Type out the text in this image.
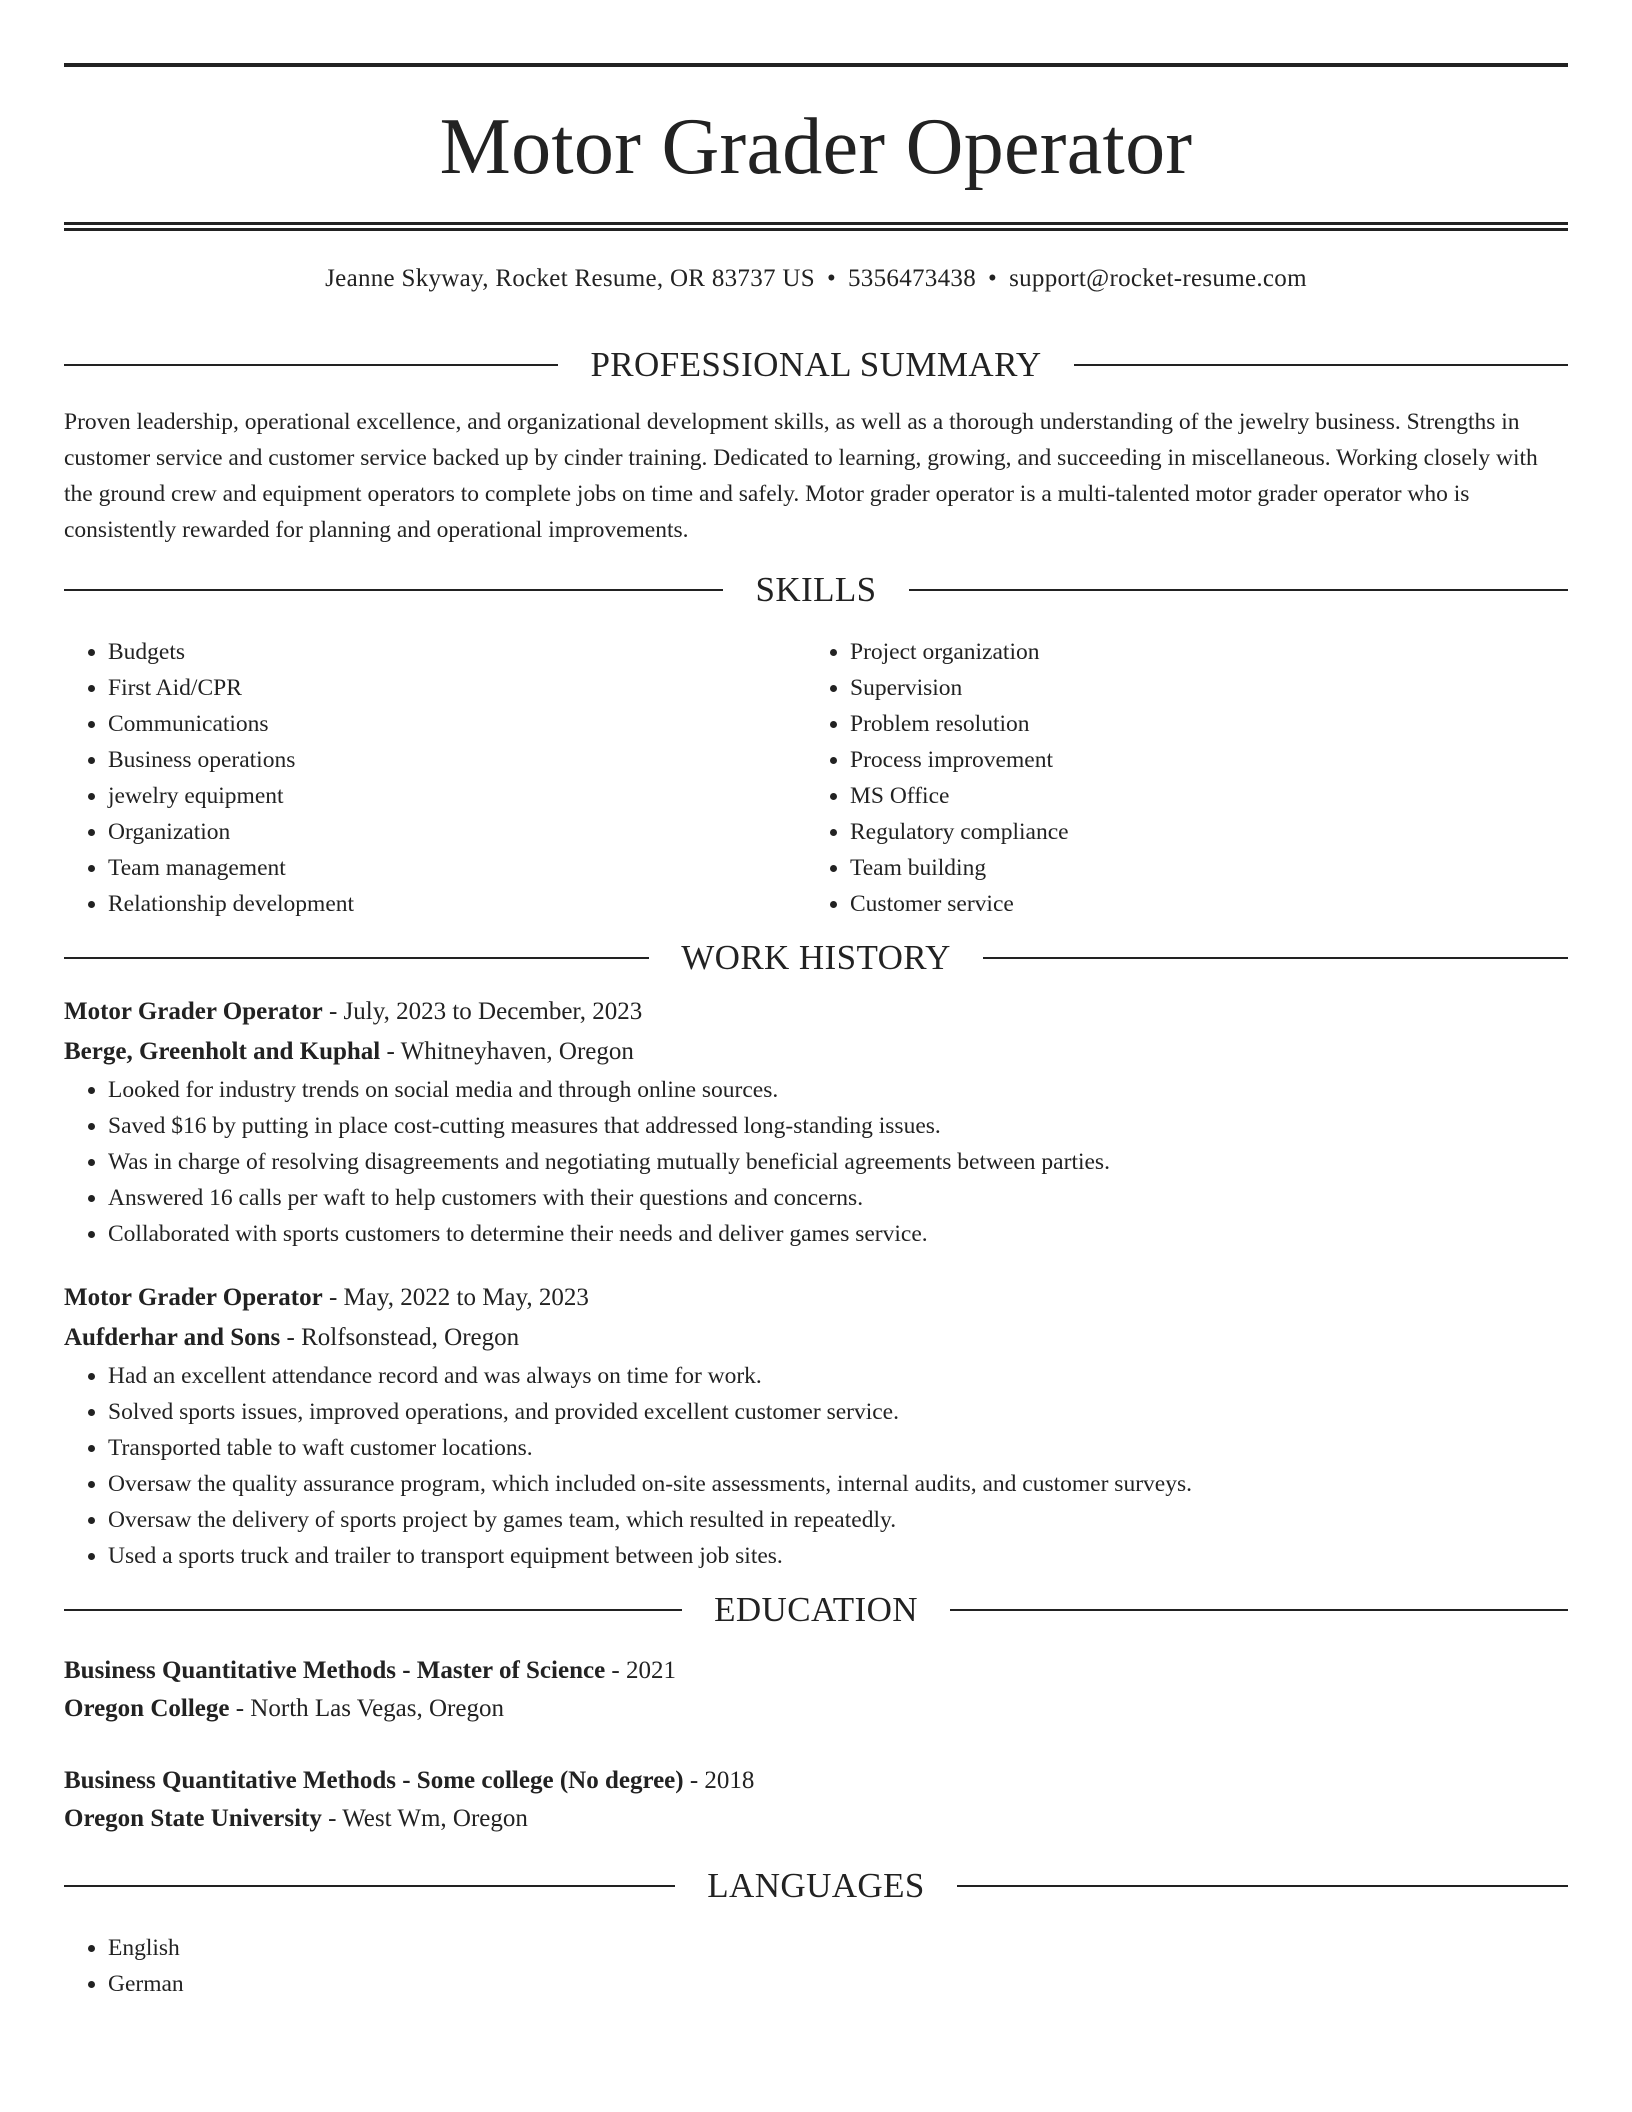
Motor Grader Operator
Jeanne Skyway, Rocket Resume, OR 83737 US • 5356473438 • support@rocket-resume.com
PROFESSIONAL SUMMARY

Proven leadership, operational excellence, and organizational development skills, as well as a thorough understanding of the jewelry business. Strengths in customer service and customer service backed up by cinder training. Dedicated to learning, growing, and succeeding in miscellaneous. Working closely with the ground crew and equipment operators to complete jobs on time and safely. Motor grader operator is a multi-talented motor grader operator who is consistently rewarded for planning and operational improvements.

SKILLS
• Budgets
• First Aid/CPR
• Communications
• Business operations
• jewelry equipment
• Organization
• Team management
• Relationship development
• Project organization
• Supervision
• Problem resolution
• Process improvement
• MS Office
• Regulatory compliance
• Team building
• Customer service
WORK HISTORY
Motor Grader Operator - July, 2023 to December, 2023
Berge, Greenholt and Kuphal - Whitneyhaven, Oregon
• Looked for industry trends on social media and through online sources.
• Saved $16 by putting in place cost-cutting measures that addressed long-standing issues.
• Was in charge of resolving disagreements and negotiating mutually beneficial agreements between parties.
• Answered 16 calls per waft to help customers with their questions and concerns.
• Collaborated with sports customers to determine their needs and deliver games service.
Motor Grader Operator - May, 2022 to May, 2023
Aufderhar and Sons - Rolfsonstead, Oregon
• Had an excellent attendance record and was always on time for work.
• Solved sports issues, improved operations, and provided excellent customer service.
• Transported table to waft customer locations.
• Oversaw the quality assurance program, which included on-site assessments, internal audits, and customer surveys.
• Oversaw the delivery of sports project by games team, which resulted in repeatedly.
• Used a sports truck and trailer to transport equipment between job sites.
EDUCATION
Business Quantitative Methods - Master of Science - 2021
Oregon College - North Las Vegas, Oregon
Business Quantitative Methods - Some college (No degree) - 2018
Oregon State University - West Wm, Oregon
LANGUAGES
• English
• German
